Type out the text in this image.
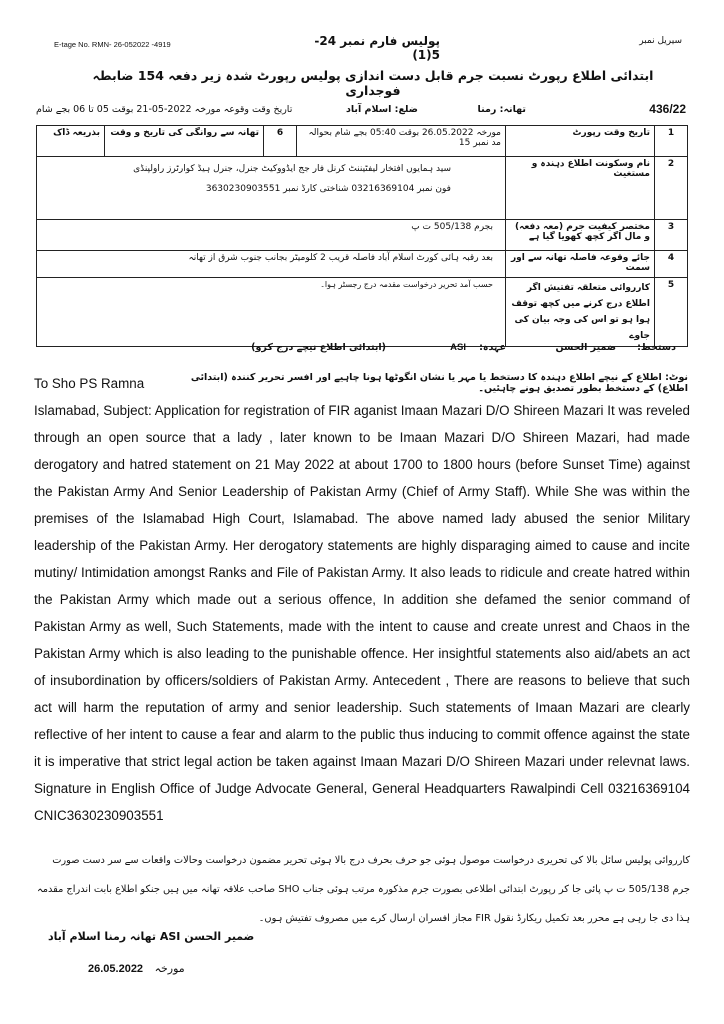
E-tage No. RMN- 26-052022 -4919	پولیس فارم نمبر 24-5(1)
سیریل نمبر
ابتدائی اطلاع رپورٹ نسبت جرم قابل دست اندازی پولیس رپورٹ شدہ زیر دفعہ 154 ضابطہ فوجداری
436/22
تھانہ: رمنا
ضلع: اسلام آباد
تاریخ وقت وقوعہ مورخہ 2022-05-21 بوقت 05 تا 06 بجے شام
1	تاریخ وقت رپورٹ	مورخہ 26.05.2022 بوقت 05:40 بجے شام بحوالہ مد نمبر 15	6	تھانہ سے روانگی کی تاریخ و وقت	بذریعہ ڈاک
2	نام وسکونت اطلاع دہندہ و مستغیث	سید ہمایوں افتخار لیفٹیننٹ کرنل فار جج ایڈووکیٹ جنرل، جنرل ہیڈ کوارٹرز راولپنڈی
فون نمبر 03216369104 شناختی کارڈ نمبر 3630230903551			

3	مختصر کیفیت جرم (معہ دفعہ) و مال اگر کچھ کھویا گیا ہے	بجرم 505/138 ت پ			
4	جائے وقوعہ فاصلہ تھانہ سے اور سمت	بعد رقبہ ہائی کورٹ اسلام آباد فاصلہ قریب 2 کلومیٹر بجانب جنوب شرق از تھانہ			
5	کارروائی متعلقہ تفتیش اگر اطلاع درج کرنے میں کچھ توقف ہوا ہو تو اس کی وجہ بیان کی جاوے	حسب آمد تحریر درخواست مقدمہ درج رجسٹر ہوا۔			
دستخط:
ضمیر الحسن
عہدہ:
ASI
(ابتدائی اطلاع نیچے درج کرو)
نوٹ: اطلاع کے نیچے اطلاع دہندہ کا دستخط یا مہر یا نشان انگوٹھا ہونا چاہیے اور افسر تحریر کنندہ (ابتدائی اطلاع) کے دستخط بطور تصدیق ہونے چاہئیں۔
To Sho PS Ramna
Islamabad, Subject: Application for registration of FIR aganist Imaan Mazari D/O Shireen Mazari It was reveled through an open source that a lady , later known to be Imaan Mazari D/O Shireen Mazari, had made derogatory and hatred statement on 21 May 2022 at about 1700 to 1800 hours (before Sunset Time) against the Pakistan Army And Senior Leadership of Pakistan Army (Chief of Army Staff). While She was within the premises of the Islamabad High Court, Islamabad. The above named lady abused the senior Military leadership of the Pakistan Army. Her derogatory statements are highly disparaging aimed to cause and incite mutiny/ Intimidation amongst Ranks and File of Pakistan Army. It also leads to ridicule and create hatred within the Pakistan Army which made out a serious offence, In addition she defamed the senior command of Pakistan Army as well, Such Statements, made with the intent to cause and create unrest and Chaos in the Pakistan Army which is also leading to the punishable offence. Her insightful statements also aid/abets an act of insubordination by officers/soldiers of Pakistan Army. Antecedent , There are reasons to believe that such act will harm the reputation of army and senior leadership. Such statements of Imaan Mazari are clearly reflective of her intent to cause a fear and alarm to the public thus inducing to commit offence against the state it is imperative that strict legal action be taken against Imaan Mazari D/O Shireen Mazari under relevnat laws. Signature in English Office of Judge Advocate General, General Headquarters Rawalpindi Cell 03216369104 CNIC3630230903551
کارروائی پولیس سائل بالا کی تحریری درخواست موصول ہوئی جو حرف بحرف درج بالا ہوئی تحریر مضمون درخواست وحالات واقعات سے سر دست صورت جرم 505/138 ت پ پائی جا کر رپورٹ ابتدائی اطلاعی بصورت جرم مذکورہ مرتب ہوئی جناب SHO صاحب علاقہ تھانہ میں ہیں جنکو اطلاع بابت اندراج مقدمہ ہذا دی جا رہی ہے محرر بعد تکمیل ریکارڈ نقول FIR مجاز افسران ارسال کرے میں مصروف تفتیش ہوں۔
ضمیر الحسن ASI تھانہ رمنا اسلام آباد
26.05.2022 مورخہ
